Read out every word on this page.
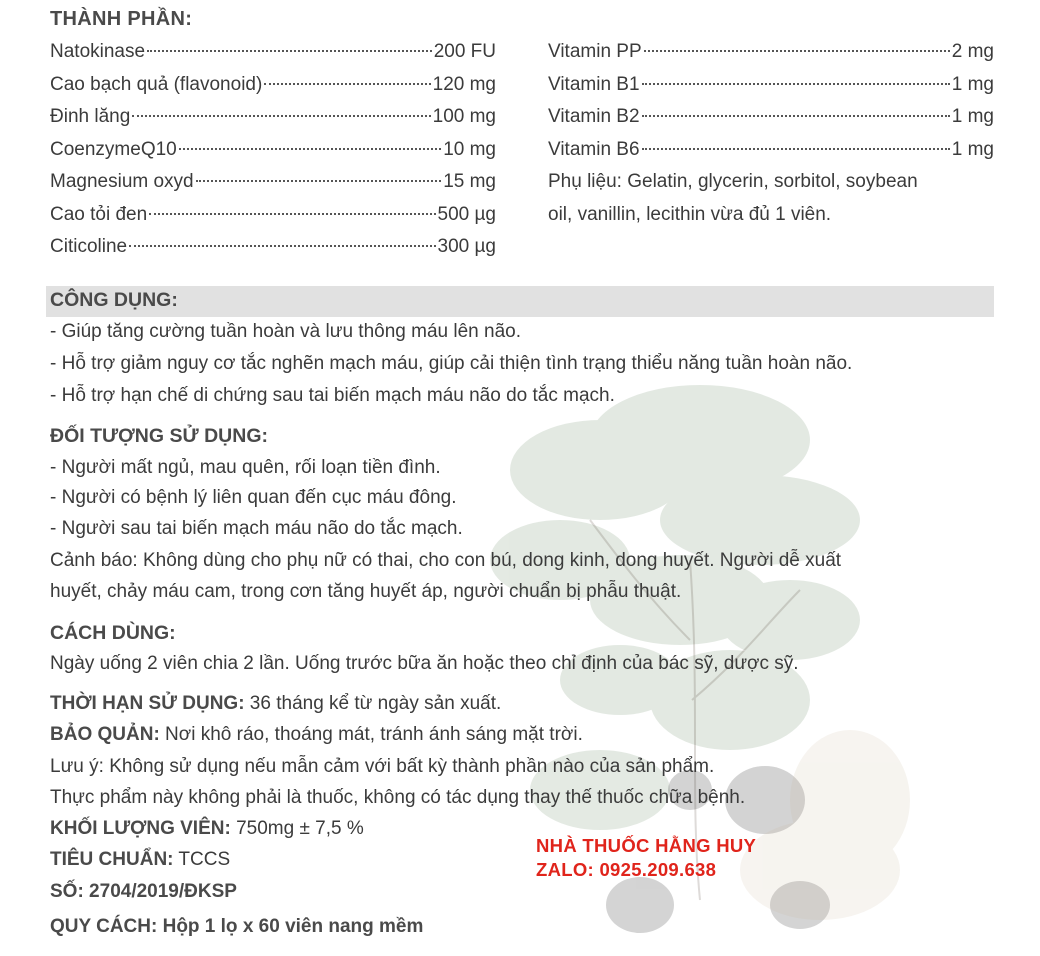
THÀNH PHẦN:
Natokinase	200 FU
Cao bạch quả (flavonoid)	120 mg
Đinh lăng	100 mg
CoenzymeQ10	10 mg
Magnesium oxyd	15 mg
Cao tỏi đen	500 µg
Citicoline	300 µg
Vitamin PP	2 mg
Vitamin B1	1 mg
Vitamin B2	1 mg
Vitamin B6	1 mg
Phụ liệu: Gelatin, glycerin, sorbitol, soybean
oil, vanillin, lecithin vừa đủ 1 viên.
CÔNG DỤNG:
- Giúp tăng cường tuần hoàn và lưu thông máu lên não.
- Hỗ trợ giảm nguy cơ tắc nghẽn mạch máu, giúp cải thiện tình trạng thiểu năng tuần hoàn não.
- Hỗ trợ hạn chế di chứng sau tai biến mạch máu não do tắc mạch.
ĐỐI TƯỢNG SỬ DỤNG:
- Người mất ngủ, mau quên, rối loạn tiền đình.
- Người có bệnh lý liên quan đến cục máu đông.
- Người sau tai biến mạch máu não do tắc mạch.
Cảnh báo: Không dùng cho phụ nữ có thai, cho con bú, dong kinh, dong huyết. Người dễ xuất
huyết, chảy máu cam, trong cơn tăng huyết áp, người chuẩn bị phẫu thuật.
CÁCH DÙNG:
Ngày uống 2 viên chia 2 lần. Uống trước bữa ăn hoặc theo chỉ định của bác sỹ, dược sỹ.
THỜI HẠN SỬ DỤNG: 36 tháng kể từ ngày sản xuất.
BẢO QUẢN: Nơi khô ráo, thoáng mát, tránh ánh sáng mặt trời.
Lưu ý: Không sử dụng nếu mẫn cảm với bất kỳ thành phần nào của sản phẩm.
Thực phẩm này không phải là thuốc, không có tác dụng thay thế thuốc chữa bệnh.
KHỐI LƯỢNG VIÊN: 750mg ± 7,5 %
TIÊU CHUẨN: TCCS
SỐ: 2704/2019/ĐKSP
QUY CÁCH: Hộp 1 lọ x 60 viên nang mềm
NHÀ THUỐC HẰNG HUY
ZALO: 0925.209.638
